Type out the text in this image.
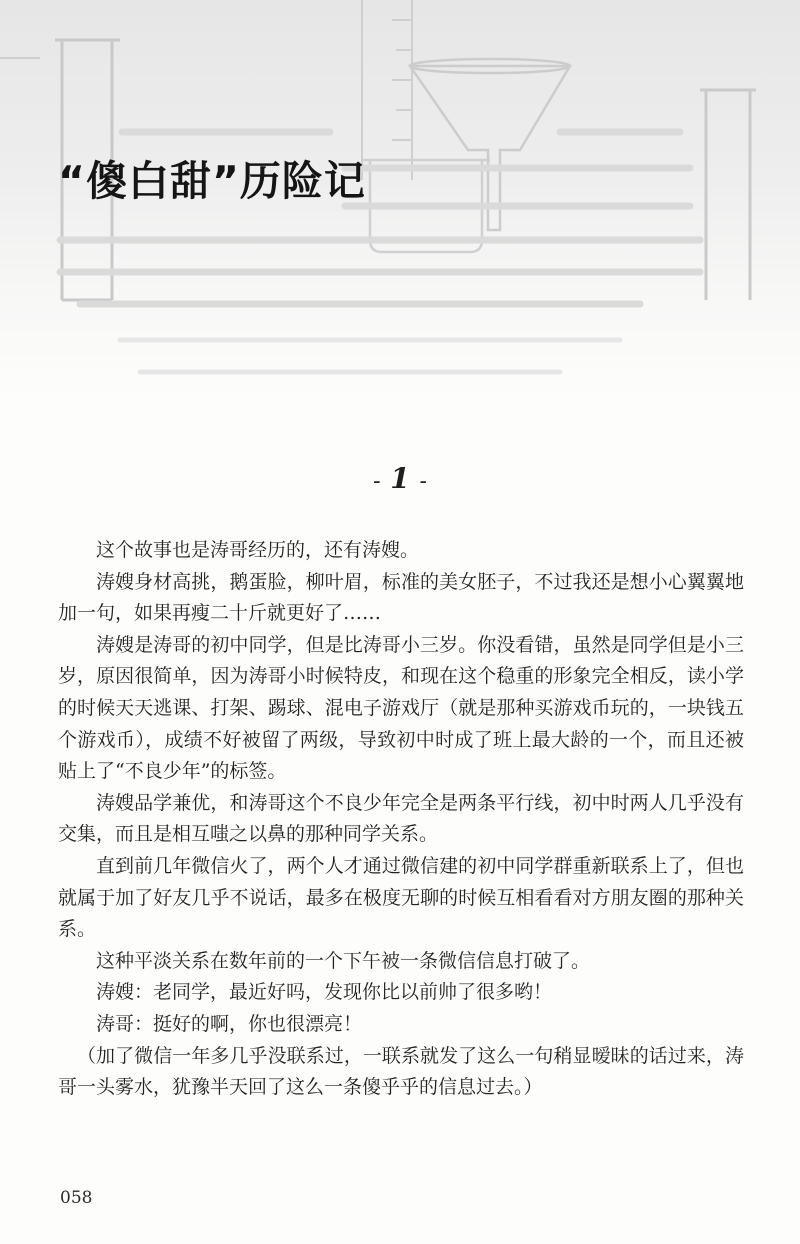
“傻白甜”历险记
- 1 -

这个故事也是涛哥经历的，还有涛嫂。

涛嫂身材高挑，鹅蛋脸，柳叶眉，标准的美女胚子，不过我还是想小心翼翼地加一句，如果再瘦二十斤就更好了……

涛嫂是涛哥的初中同学，但是比涛哥小三岁。你没看错，虽然是同学但是小三岁，原因很简单，因为涛哥小时候特皮，和现在这个稳重的形象完全相反，读小学的时候天天逃课、打架、踢球、混电子游戏厅（就是那种买游戏币玩的，一块钱五个游戏币），成绩不好被留了两级，导致初中时成了班上最大龄的一个，而且还被贴上了“不良少年”的标签。

涛嫂品学兼优，和涛哥这个不良少年完全是两条平行线，初中时两人几乎没有交集，而且是相互嗤之以鼻的那种同学关系。

直到前几年微信火了，两个人才通过微信建的初中同学群重新联系上了，但也就属于加了好友几乎不说话，最多在极度无聊的时候互相看看对方朋友圈的那种关系。

这种平淡关系在数年前的一个下午被一条微信信息打破了。

涛嫂：老同学，最近好吗，发现你比以前帅了很多哟！

涛哥：挺好的啊，你也很漂亮！

（加了微信一年多几乎没联系过，一联系就发了这么一句稍显暧昧的话过来，涛哥一头雾水，犹豫半天回了这么一条傻乎乎的信息过去。）

058
